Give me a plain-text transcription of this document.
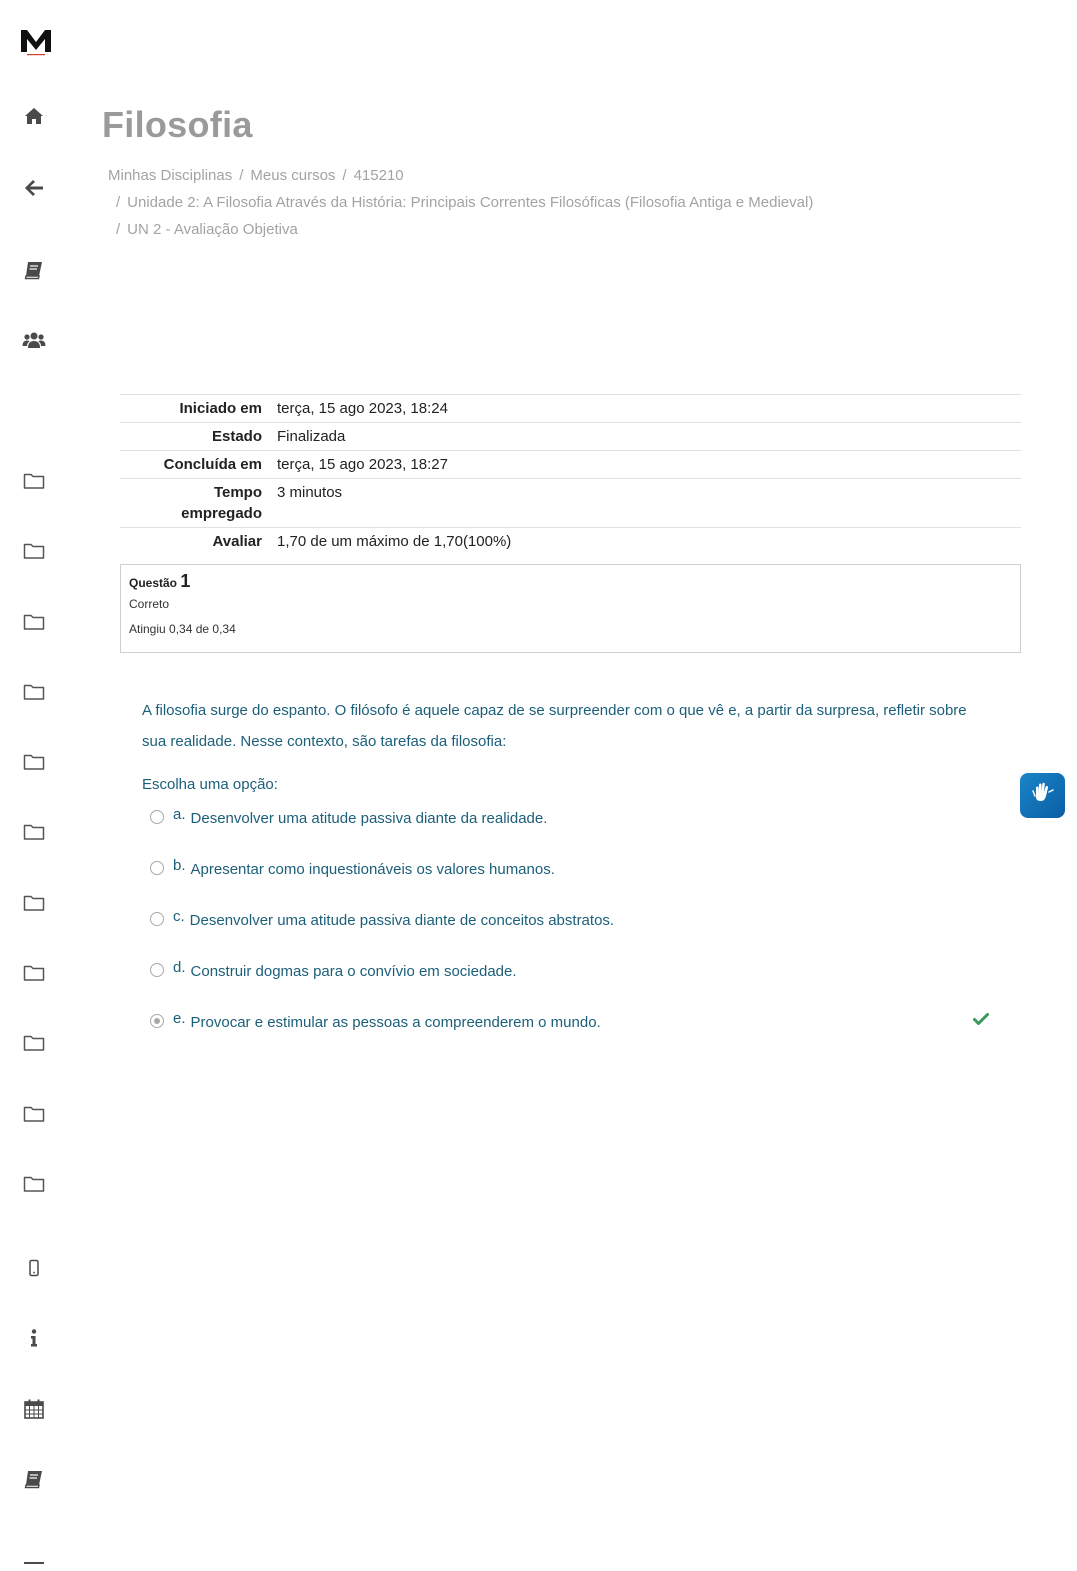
Filosofia
Minhas Disciplinas / Meus cursos / 415210
/ Unidade 2: A Filosofia Através da História: Principais Correntes Filosóficas (Filosofia Antiga e Medieval)
/ UN 2 - Avaliação Objetiva
Iniciado em	terça, 15 ago 2023, 18:24
Estado	Finalizada
Concluída em	terça, 15 ago 2023, 18:27
Tempo empregado	3 minutos
Avaliar	1,70 de um máximo de 1,70(100%)
Questão 1
Correto
Atingiu 0,34 de 0,34
A filosofia surge do espanto. O filósofo é aquele capaz de se surpreender com o que vê e, a partir da surpresa, refletir sobre sua realidade. Nesse contexto, são tarefas da filosofia:
Escolha uma opção:
a. Desenvolver uma atitude passiva diante da realidade.
b. Apresentar como inquestionáveis os valores humanos.
c. Desenvolver uma atitude passiva diante de conceitos abstratos.
d. Construir dogmas para o convívio em sociedade.
e. Provocar e estimular as pessoas a compreenderem o mundo.
